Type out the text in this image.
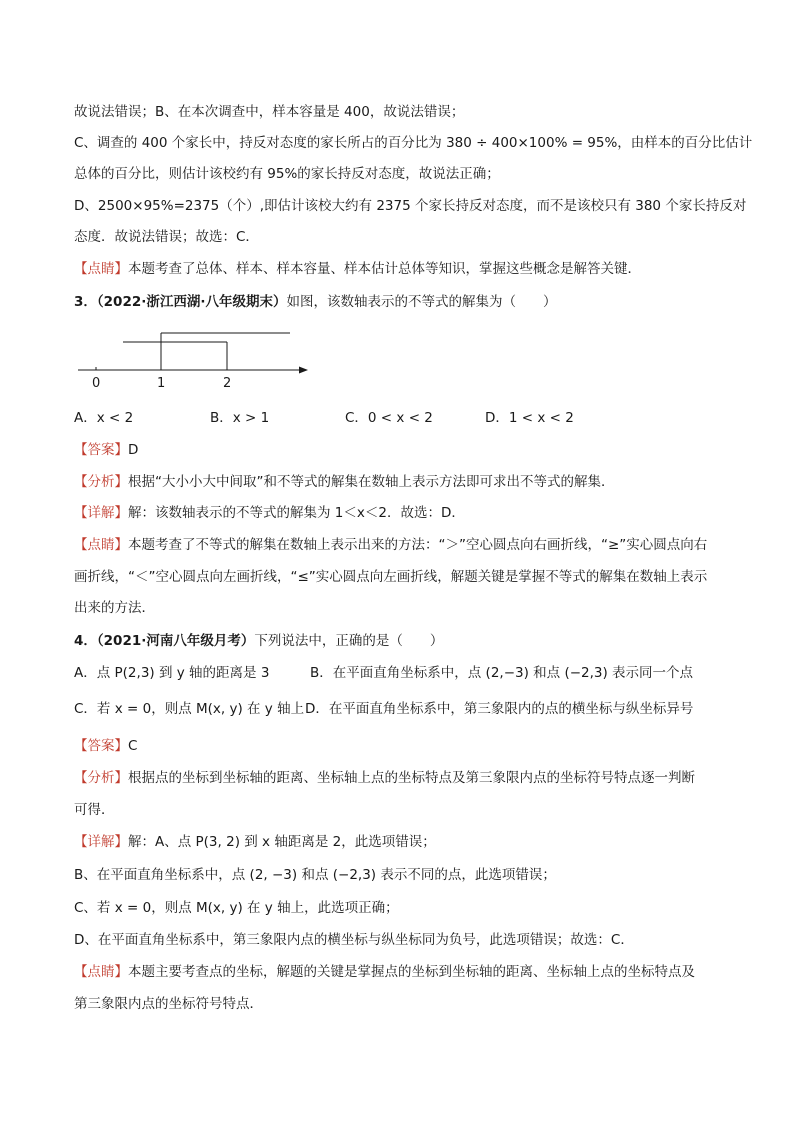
故说法错误；B、在本次调查中，样本容量是 400，故说法错误；
C、调查的 400 个家长中，持反对态度的家长所占的百分比为 380 ÷ 400×100% = 95%，由样本的百分比估计
总体的百分比，则估计该校约有 95%的家长持反对态度，故说法正确；
D、2500×95%=2375（个）,即估计该校大约有 2375 个家长持反对态度，而不是该校只有 380 个家长持反对
态度．故说法错误；故选：C．
【点睛】本题考查了总体、样本、样本容量、样本估计总体等知识，掌握这些概念是解答关键．
3．（2022·浙江西湖·八年级期末）如图，该数轴表示的不等式的解集为（　　）
0	1	2
A．x < 2	B．x > 1	C．0 < x < 2	D．1 < x < 2
【答案】D
【分析】根据“大小小大中间取”和不等式的解集在数轴上表示方法即可求出不等式的解集．
【详解】解：该数轴表示的不等式的解集为 1＜x＜2．故选：D．
【点睛】本题考查了不等式的解集在数轴上表示出来的方法：“＞”空心圆点向右画折线，“≥”实心圆点向右
画折线，“＜”空心圆点向左画折线，“≤”实心圆点向左画折线，解题关键是掌握不等式的解集在数轴上表示
出来的方法．
4．（2021·河南八年级月考）下列说法中，正确的是（　　）
A．点 P(2,3) 到 y 轴的距离是 3	B．在平面直角坐标系中，点 (2,−3) 和点 (−2,3) 表示同一个点
C．若 x = 0，则点 M(x, y) 在 y 轴上 D．在平面直角坐标系中，第三象限内的点的横坐标与纵坐标异号
【答案】C
【分析】根据点的坐标到坐标轴的距离、坐标轴上点的坐标特点及第三象限内点的坐标符号特点逐一判断
可得．
【详解】解：A、点 P(3, 2) 到 x 轴距离是 2，此选项错误；
B、在平面直角坐标系中，点 (2, −3) 和点 (−2,3) 表示不同的点，此选项错误；
C、若 x = 0，则点 M(x, y) 在 y 轴上，此选项正确；
D、在平面直角坐标系中，第三象限内点的横坐标与纵坐标同为负号，此选项错误；故选：C．
【点睛】本题主要考查点的坐标，解题的关键是掌握点的坐标到坐标轴的距离、坐标轴上点的坐标特点及
第三象限内点的坐标符号特点．
